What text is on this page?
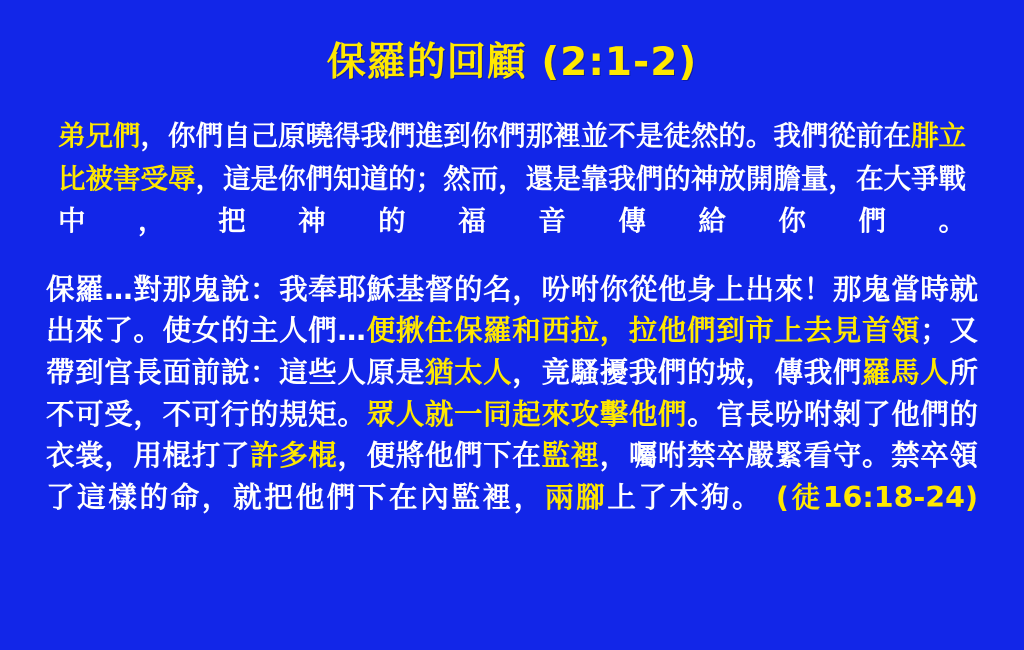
保羅的回顧 (2:1-2)
弟兄們，你們自己原曉得我們進到你們那裡並不是徒然的。我們從前在腓立比被害受辱，這是你們知道的；然而，還是靠我們的神放開膽量，在大爭戰中，把神的福音傳給你們。
保羅…對那鬼說：我奉耶穌基督的名，吩咐你從他身上出來！那鬼當時就出來了。使女的主人們…便揪住保羅和西拉，拉他們到市上去見首領；又帶到官長面前說：這些人原是猶太人，竟騷擾我們的城，傳我們羅馬人所不可受，不可行的規矩。眾人就一同起來攻擊他們。官長吩咐剝了他們的衣裳，用棍打了許多棍，便將他們下在監裡，囑咐禁卒嚴緊看守。禁卒領了這樣的命，就把他們下在內監裡，兩腳上了木狗。 (徒16:18-24)
